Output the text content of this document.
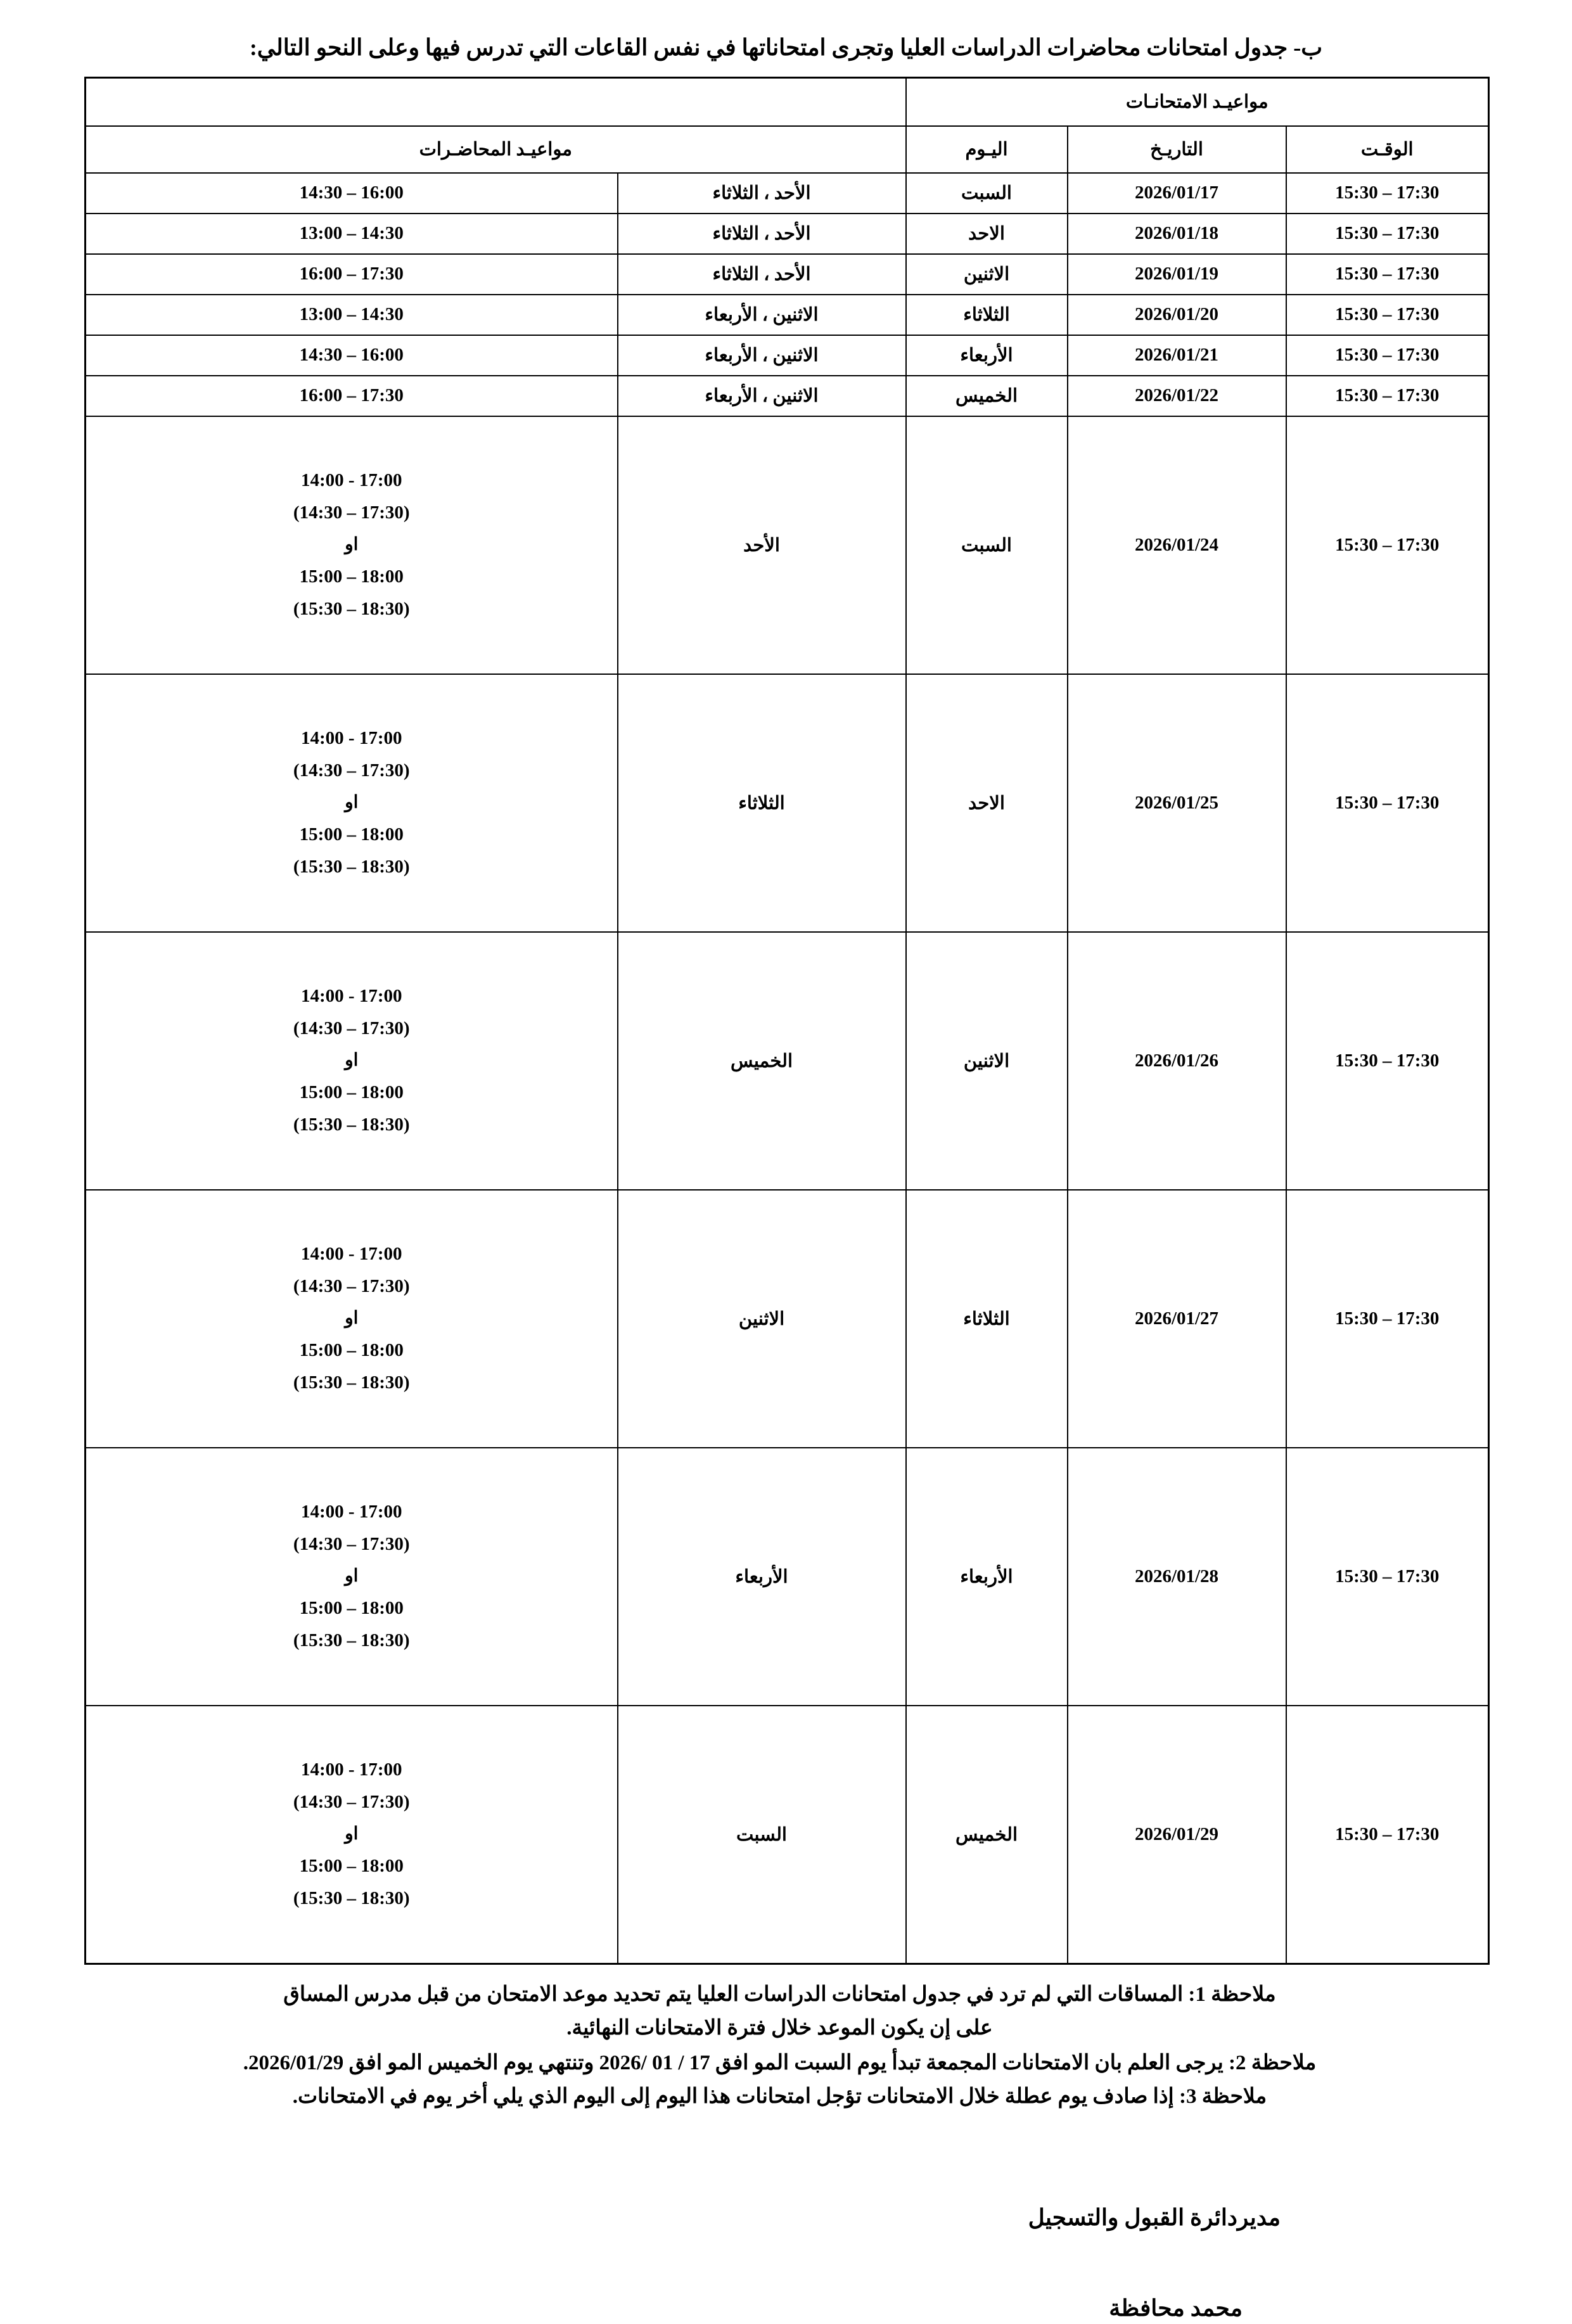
ب- جدول امتحانات محاضرات الدراسات العليا وتجرى امتحاناتها في نفس القاعات التي تدرس فيها وعلى النحو التالي:
مواعيـد الامتحانـات				
الوقـت	التاريـخ	اليـوم	مواعيـد المحاضـرات	
15:30 – 17:30	2026/01/17	السبت	الأحد ، الثلاثاء	14:30 – 16:00

15:30 – 17:30	2026/01/18	الاحد	الأحد ، الثلاثاء	13:00 – 14:30

15:30 – 17:30	2026/01/19	الاثنين	الأحد ، الثلاثاء	16:00 – 17:30

15:30 – 17:30	2026/01/20	الثلاثاء	الاثنين ، الأربعاء	13:00 – 14:30

15:30 – 17:30	2026/01/21	الأربعاء	الاثنين ، الأربعاء	14:30 – 16:00

15:30 – 17:30	2026/01/22	الخميس	الاثنين ، الأربعاء	16:00 – 17:30

15:30 – 17:30	2026/01/24	السبت	الأحد	14:00 - 17:00
(14:30 – 17:30)
او
15:00 – 18:00
(15:30 – 18:30)

15:30 – 17:30	2026/01/25	الاحد	الثلاثاء	14:00 - 17:00
(14:30 – 17:30)
او
15:00 – 18:00
(15:30 – 18:30)

15:30 – 17:30	2026/01/26	الاثنين	الخميس	14:00 - 17:00
(14:30 – 17:30)
او
15:00 – 18:00
(15:30 – 18:30)

15:30 – 17:30	2026/01/27	الثلاثاء	الاثنين	14:00 - 17:00
(14:30 – 17:30)
او
15:00 – 18:00
(15:30 – 18:30)

15:30 – 17:30	2026/01/28	الأربعاء	الأربعاء	14:00 - 17:00
(14:30 – 17:30)
او
15:00 – 18:00
(15:30 – 18:30)

15:30 – 17:30	2026/01/29	الخميس	السبت	14:00 - 17:00
(14:30 – 17:30)
او
15:00 – 18:00
(15:30 – 18:30)
ملاحظة 1: المساقات التي لم ترد في جدول امتحانات الدراسات العليا يتم تحديد موعد الامتحان من قبل مدرس المساق
على إن يكون الموعد خلال فترة الامتحانات النهائية.
ملاحظة 2: يرجى العلم بان الامتحانات المجمعة تبدأ يوم السبت المو افق 17 / 01 /2026 وتنتهي يوم الخميس المو افق 2026/01/29.
ملاحظة 3: إذا صادف يوم عطلة خلال الامتحانات تؤجل امتحانات هذا اليوم إلى اليوم الذي يلي أخر يوم في الامتحانات.
مديردائرة القبول والتسجيل
محمد محافظة
